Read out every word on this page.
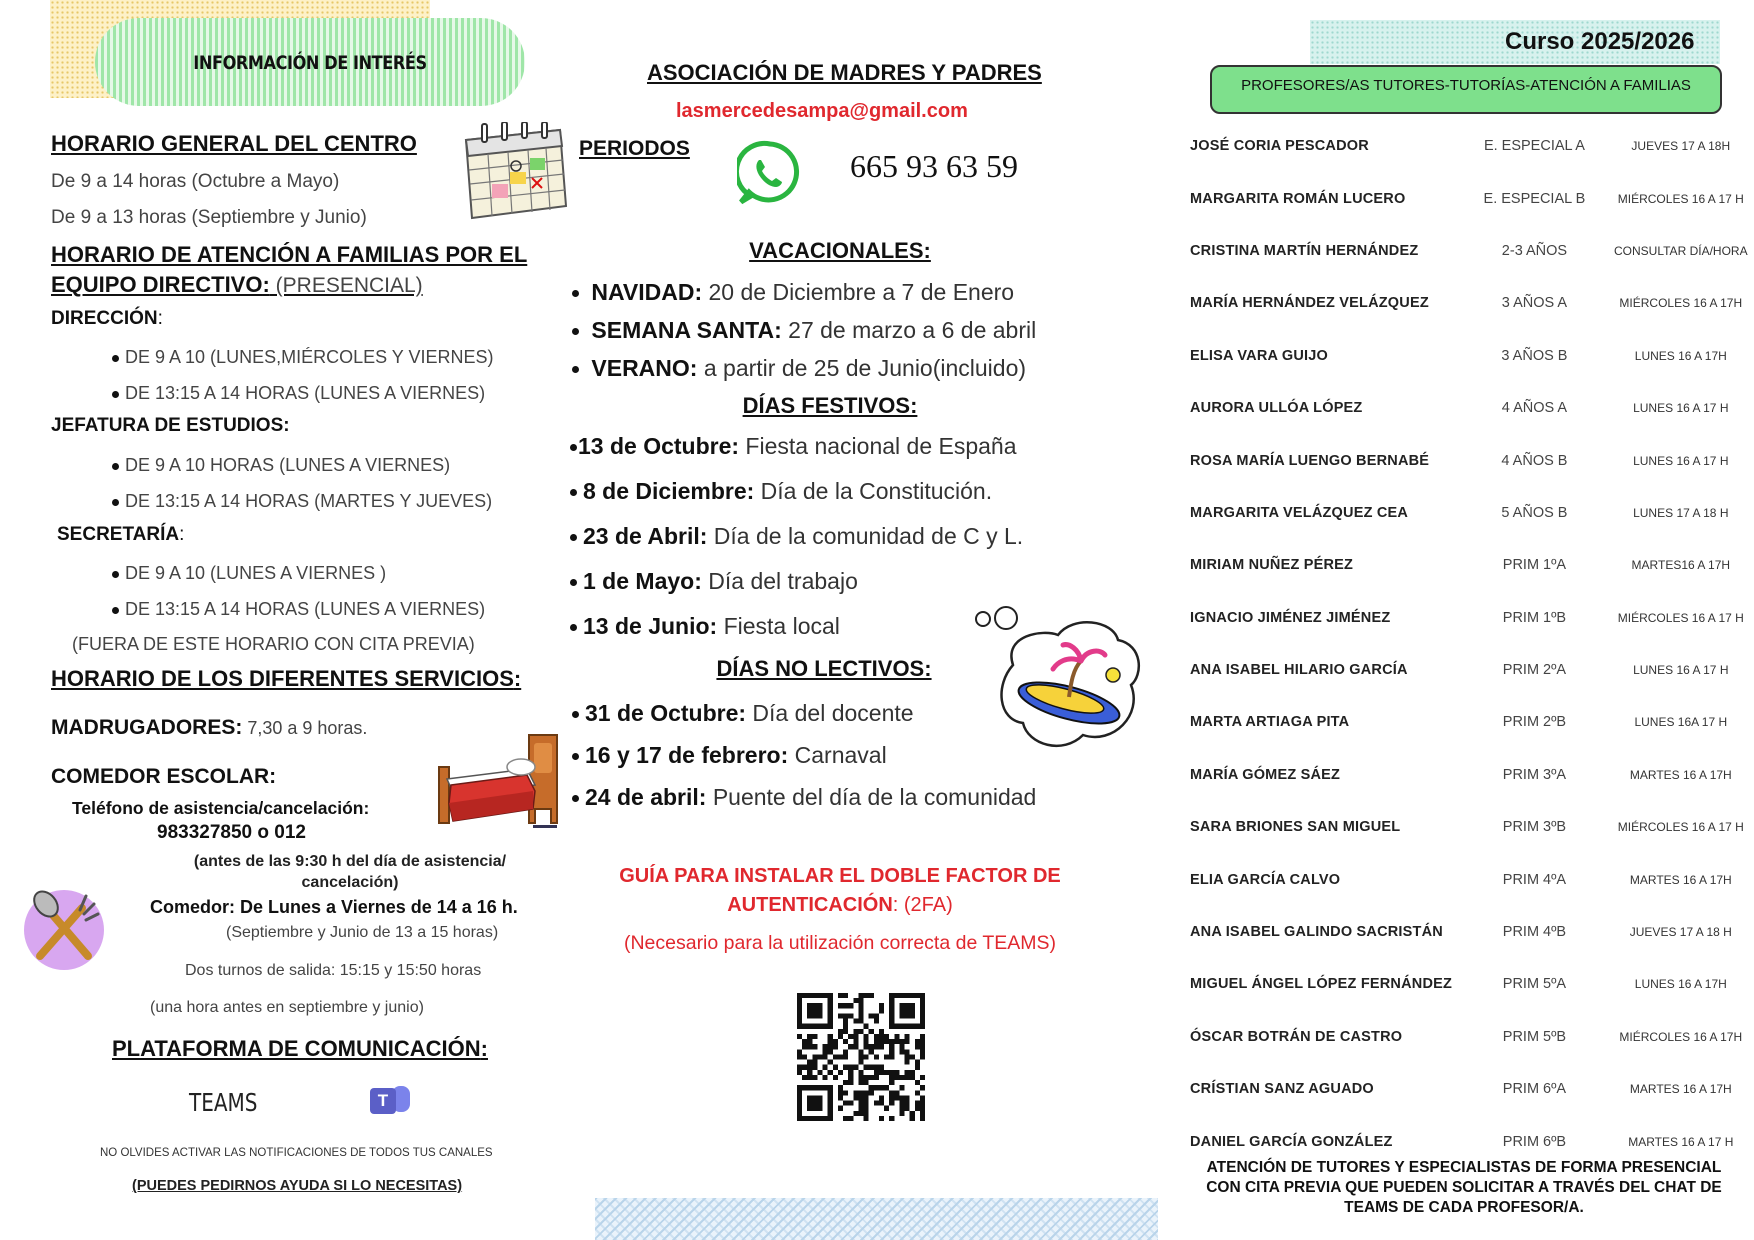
INFORMACIÓN DE INTERÉS
HORARIO GENERAL DEL CENTRO
De 9 a 14 horas (Octubre a Mayo)
De 9 a 13 horas (Septiembre y Junio)
HORARIO DE ATENCIÓN A FAMILIAS POR EL
EQUIPO DIRECTIVO: (PRESENCIAL)
DIRECCIÓN:
DE 9 A 10 (LUNES,MIÉRCOLES Y VIERNES)
DE 13:15 A 14 HORAS (LUNES A VIERNES)
JEFATURA DE ESTUDIOS:
DE 9 A 10 HORAS (LUNES A VIERNES)
DE 13:15 A 14 HORAS (MARTES Y JUEVES)
SECRETARÍA:
DE 9 A 10 (LUNES A VIERNES )
DE 13:15 A 14 HORAS (LUNES A VIERNES)
(FUERA DE ESTE HORARIO CON CITA PREVIA)
HORARIO DE LOS DIFERENTES SERVICIOS:
MADRUGADORES: 7,30 a 9 horas.
COMEDOR ESCOLAR:
Teléfono de asistencia/cancelación:
983327850 o 012
(antes de las 9:30 h del día de asistencia/ cancelación)
Comedor: De Lunes a Viernes de 14 a 16 h.
(Septiembre y Junio de 13 a 15 horas)
Dos turnos de salida: 15:15 y 15:50 horas
(una hora antes en septiembre y junio)
PLATAFORMA DE COMUNICACIÓN:
TEAMS	T
NO OLVIDES ACTIVAR LAS NOTIFICACIONES DE TODOS TUS CANALES
(PUEDES PEDIRNOS AYUDA SI LO NECESITAS)
ASOCIACIÓN DE MADRES Y PADRES
lasmercedesampa@gmail.com
PERIODOS	665 93 63 59
VACACIONALES:
NAVIDAD: 20 de Diciembre a 7 de Enero
SEMANA SANTA: 27 de marzo a 6 de abril
VERANO: a partir de 25 de Junio(incluido)
DÍAS FESTIVOS:
13 de Octubre: Fiesta nacional de España
8 de Diciembre: Día de la Constitución.
23 de Abril: Día de la comunidad de C y L.
1 de Mayo: Día del trabajo
13 de Junio: Fiesta local
DÍAS NO LECTIVOS:
31 de Octubre: Día del docente
16 y 17 de febrero: Carnaval
24 de abril: Puente del día de la comunidad
GUÍA PARA INSTALAR EL DOBLE FACTOR DE
AUTENTICACIÓN: (2FA)
(Necesario para la utilización correcta de TEAMS)
Curso 2025/2026
PROFESORES/AS TUTORES-TUTORÍAS-ATENCIÓN A FAMILIAS
JOSÉ CORIA PESCADOR	E. ESPECIAL A	JUEVES 17 A 18H
MARGARITA ROMÁN LUCERO	E. ESPECIAL B	MIÉRCOLES 16 A 17 H
CRISTINA MARTÍN HERNÁNDEZ	2-3 AÑOS	CONSULTAR DÍA/HORA
MARÍA HERNÁNDEZ VELÁZQUEZ	3 AÑOS A	MIÉRCOLES 16 A 17H
ELISA VARA GUIJO	3 AÑOS B	LUNES 16 A 17H
AURORA ULLÓA LÓPEZ	4 AÑOS A	LUNES 16 A 17 H
ROSA MARÍA LUENGO BERNABÉ	4 AÑOS B	LUNES 16 A 17 H
MARGARITA VELÁZQUEZ CEA	5 AÑOS B	LUNES 17 A 18 H
MIRIAM NUÑEZ PÉREZ	PRIM 1ºA	MARTES16 A 17H
IGNACIO JIMÉNEZ JIMÉNEZ	PRIM 1ºB	MIÉRCOLES 16 A 17 H
ANA ISABEL HILARIO GARCÍA	PRIM 2ºA	LUNES 16 A 17 H
MARTA ARTIAGA PITA	PRIM 2ºB	LUNES 16A 17 H
MARÍA GÓMEZ SÁEZ	PRIM 3ºA	MARTES 16 A 17H
SARA BRIONES SAN MIGUEL	PRIM 3ºB	MIÉRCOLES 16 A 17 H
ELIA GARCÍA CALVO	PRIM 4ºA	MARTES 16 A 17H
ANA ISABEL GALINDO SACRISTÁN	PRIM 4ºB	JUEVES 17 A 18 H
MIGUEL ÁNGEL LÓPEZ FERNÁNDEZ	PRIM 5ºA	LUNES 16 A 17H
ÓSCAR BOTRÁN DE CASTRO	PRIM 5ºB	MIÉRCOLES 16 A 17H
CRÍSTIAN SANZ AGUADO	PRIM 6ºA	MARTES 16 A 17H
DANIEL GARCÍA GONZÁLEZ	PRIM 6ºB	MARTES 16 A 17 H
ATENCIÓN DE TUTORES Y ESPECIALISTAS DE FORMA PRESENCIAL CON CITA PREVIA QUE PUEDEN SOLICITAR A TRAVÉS DEL CHAT DE TEAMS DE CADA PROFESOR/A.
